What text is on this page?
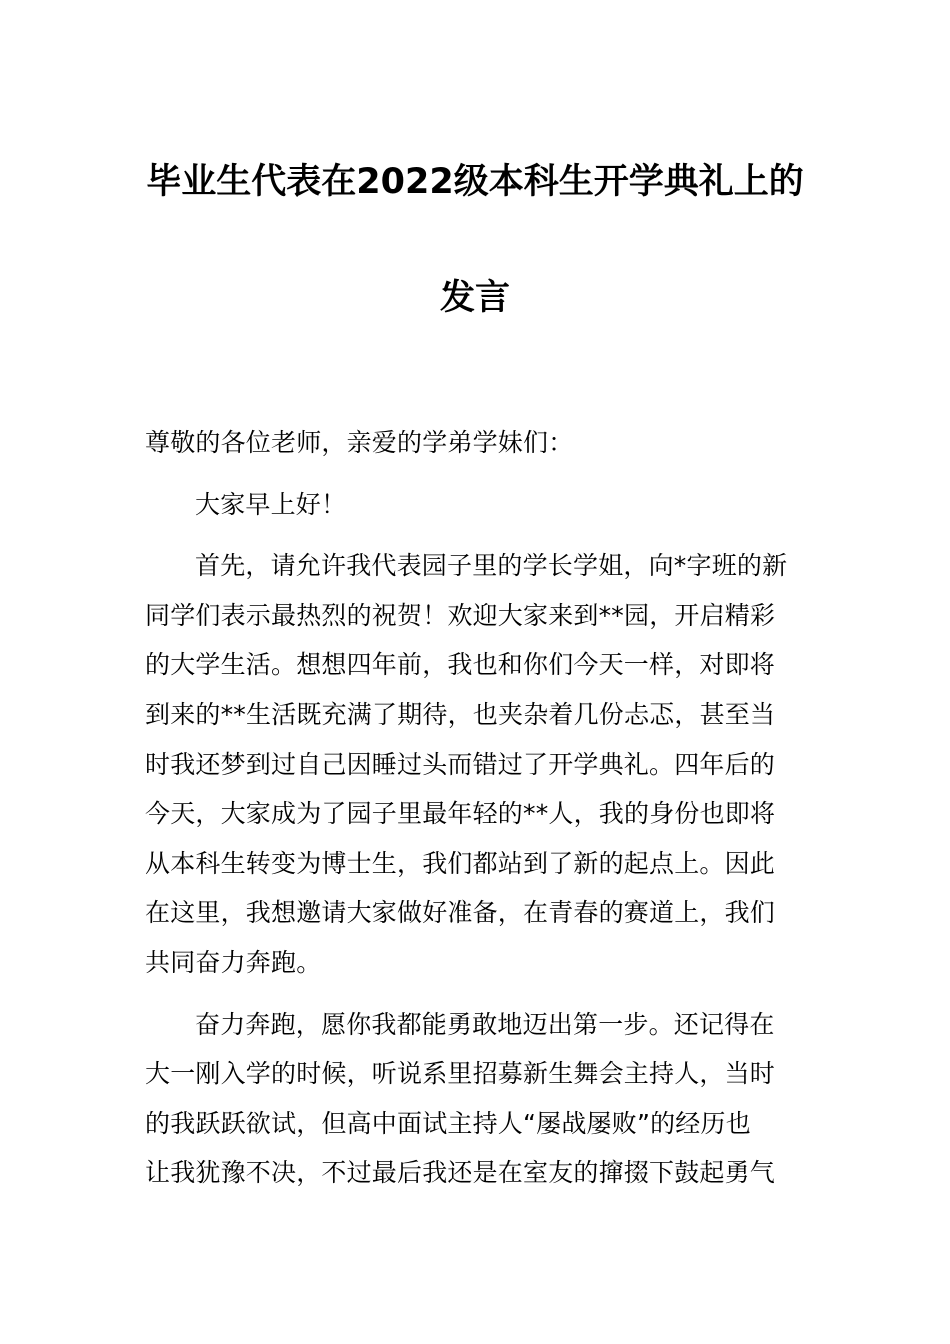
毕业生代表在2022级本科生开学典礼上的
发言

尊敬的各位老师，亲爱的学弟学妹们：

大家早上好！

首先，请允许我代表园子里的学长学姐，向*字班的新
同学们表示最热烈的祝贺！欢迎大家来到**园，开启精彩
的大学生活。想想四年前，我也和你们今天一样，对即将
到来的**生活既充满了期待，也夹杂着几份忐忑，甚至当
时我还梦到过自己因睡过头而错过了开学典礼。四年后的
今天，大家成为了园子里最年轻的**人，我的身份也即将
从本科生转变为博士生，我们都站到了新的起点上。因此
在这里，我想邀请大家做好准备，在青春的赛道上，我们
共同奋力奔跑。

奋力奔跑，愿你我都能勇敢地迈出第一步。还记得在
大一刚入学的时候，听说系里招募新生舞会主持人，当时
的我跃跃欲试，但高中面试主持人“屡战屡败”的经历也
让我犹豫不决，不过最后我还是在室友的撺掇下鼓起勇气
